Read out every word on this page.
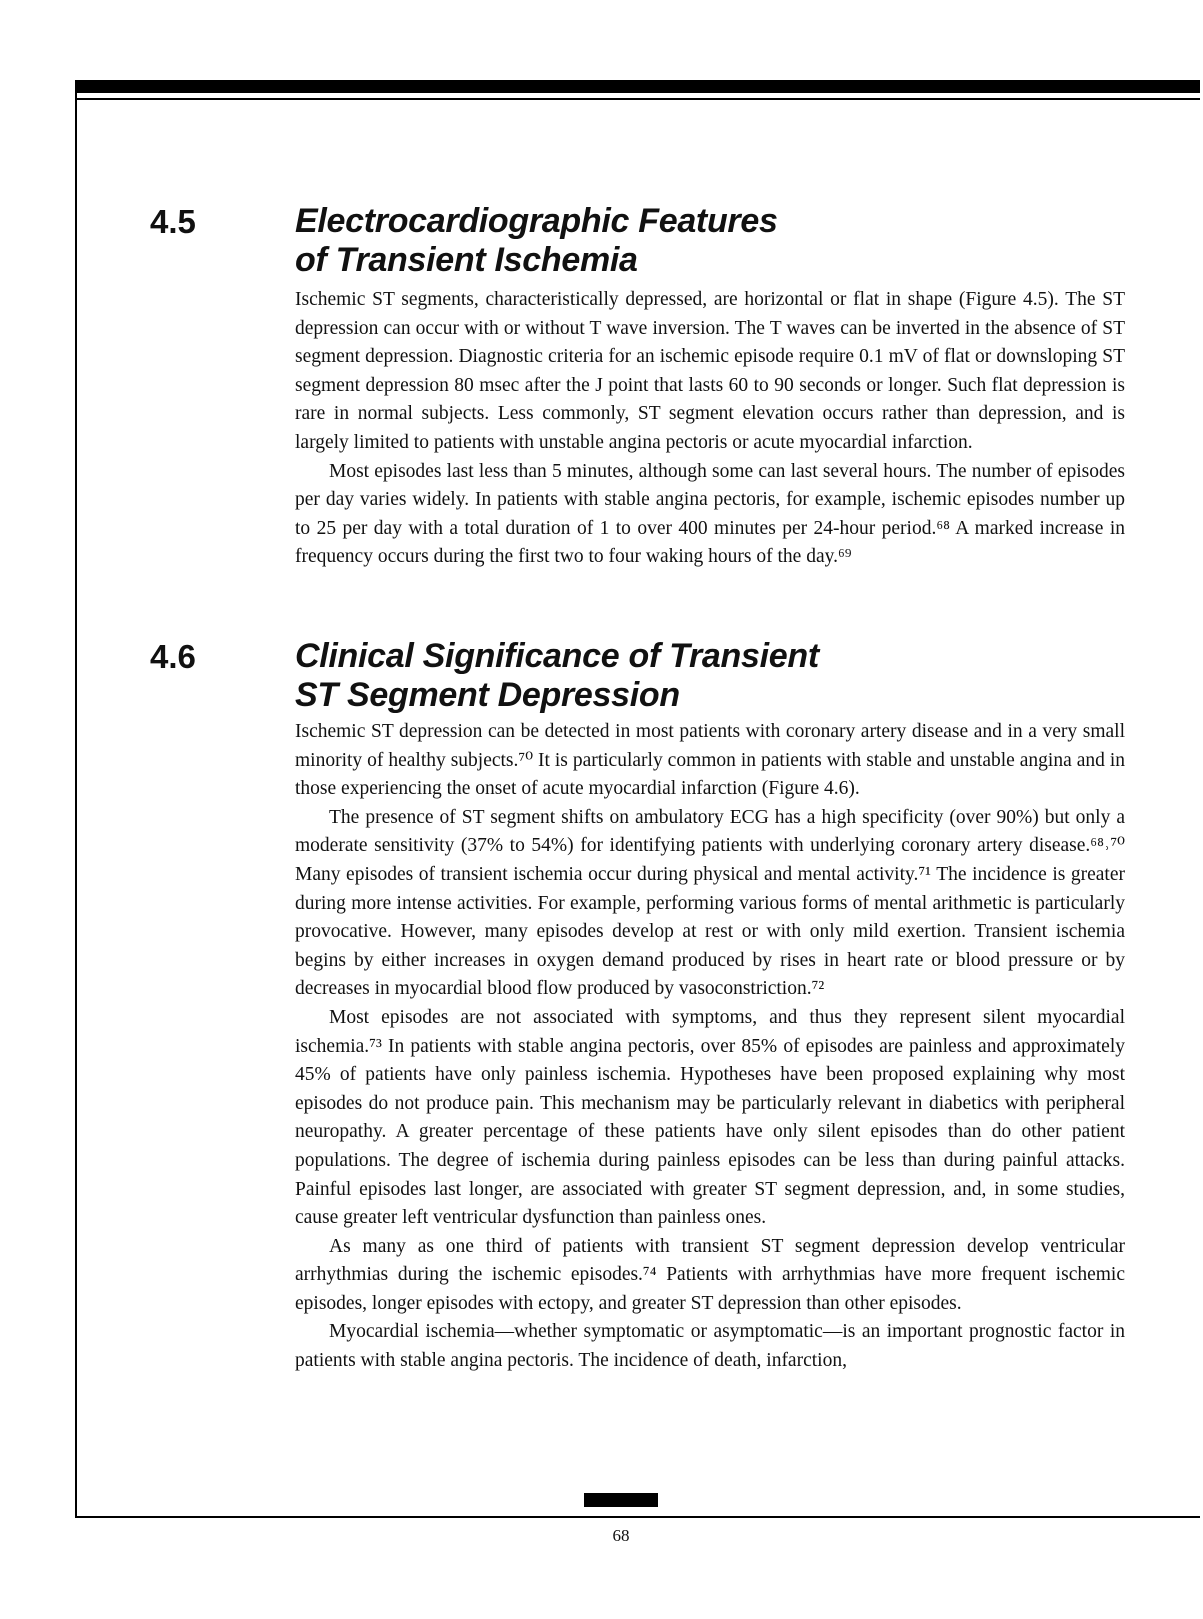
4.5	Electrocardiographic Features
of Transient Ischemia

Ischemic ST segments, characteristically depressed, are horizontal or flat in shape (Figure 4.5). The ST depression can occur with or without T wave inversion. The T waves can be inverted in the absence of ST segment depression. Diagnostic criteria for an ischemic episode require 0.1 mV of flat or downsloping ST segment depression 80 msec after the J point that lasts 60 to 90 seconds or longer. Such flat depression is rare in normal subjects. Less commonly, ST segment elevation occurs rather than depression, and is largely limited to patients with unstable angina pectoris or acute myocardial infarction.

Most episodes last less than 5 minutes, although some can last several hours. The number of episodes per day varies widely. In patients with stable angina pectoris, for example, ischemic episodes number up to 25 per day with a total duration of 1 to over 400 minutes per 24-hour period.⁶⁸ A marked increase in frequency occurs during the first two to four waking hours of the day.⁶⁹

4.6	Clinical Significance of Transient
ST Segment Depression

Ischemic ST depression can be detected in most patients with coronary artery disease and in a very small minority of healthy subjects.⁷⁰ It is particularly common in patients with stable and unstable angina and in those experiencing the onset of acute myocardial infarction (Figure 4.6).

The presence of ST segment shifts on ambulatory ECG has a high specificity (over 90%) but only a moderate sensitivity (37% to 54%) for identifying patients with underlying coronary artery disease.⁶⁸˒⁷⁰ Many episodes of transient ischemia occur during physical and mental activity.⁷¹ The incidence is greater during more intense activities. For example, performing various forms of mental arithmetic is particularly provocative. However, many episodes develop at rest or with only mild exertion. Transient ischemia begins by either increases in oxygen demand produced by rises in heart rate or blood pressure or by decreases in myocardial blood flow produced by vasoconstriction.⁷²

Most episodes are not associated with symptoms, and thus they represent silent myocardial ischemia.⁷³ In patients with stable angina pectoris, over 85% of episodes are painless and approximately 45% of patients have only painless ischemia. Hypotheses have been proposed explaining why most episodes do not produce pain. This mechanism may be particularly relevant in diabetics with peripheral neuropathy. A greater percentage of these patients have only silent episodes than do other patient populations. The degree of ischemia during painless episodes can be less than during painful attacks. Painful episodes last longer, are associated with greater ST segment depression, and, in some studies, cause greater left ventricular dysfunction than painless ones.

As many as one third of patients with transient ST segment depression develop ventricular arrhythmias during the ischemic episodes.⁷⁴ Patients with arrhythmias have more frequent ischemic episodes, longer episodes with ectopy, and greater ST depression than other episodes.

Myocardial ischemia—whether symptomatic or asymptomatic—is an important prognostic factor in patients with stable angina pectoris. The incidence of death, infarction,

68
